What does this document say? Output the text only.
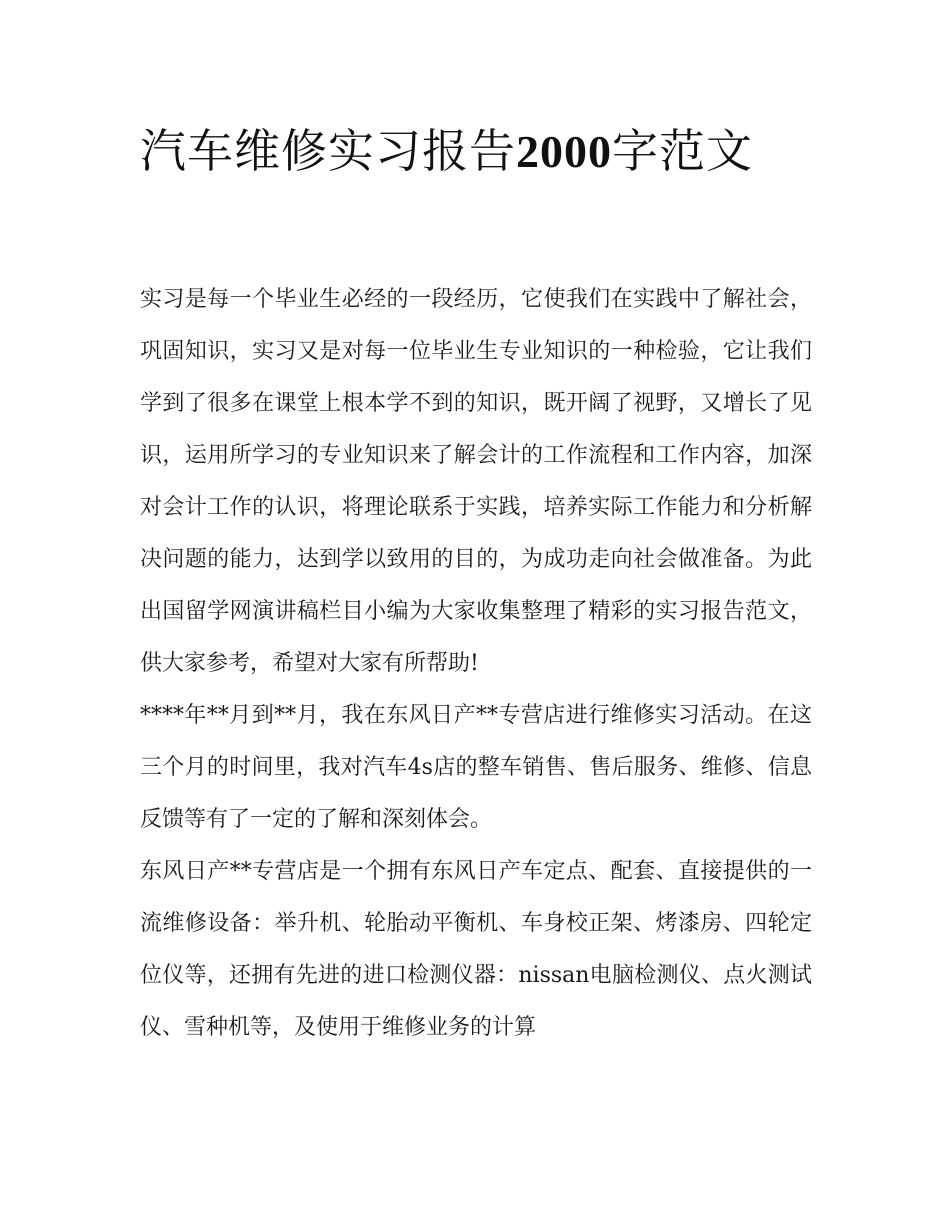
汽车维修实习报告2000字范文

实习是每一个毕业生必经的一段经历，它使我们在实践中了解社会，巩固知识，实习又是对每一位毕业生专业知识的一种检验，它让我们学到了很多在课堂上根本学不到的知识，既开阔了视野，又增长了见识，运用所学习的专业知识来了解会计的工作流程和工作内容，加深对会计工作的认识，将理论联系于实践，培养实际工作能力和分析解决问题的能力，达到学以致用的目的，为成功走向社会做准备。为此出国留学网演讲稿栏目小编为大家收集整理了精彩的实习报告范文，供大家参考，希望对大家有所帮助!

****年**月到**月，我在东风日产**专营店进行维修实习活动。在这三个月的时间里，我对汽车4s店的整车销售、售后服务、维修、信息反馈等有了一定的了解和深刻体会。

东风日产**专营店是一个拥有东风日产车定点、配套、直接提供的一流维修设备：举升机、轮胎动平衡机、车身校正架、烤漆房、四轮定位仪等，还拥有先进的进口检测仪器：nissan电脑检测仪、点火测试仪、雪种机等，及使用于维修业务的计算
